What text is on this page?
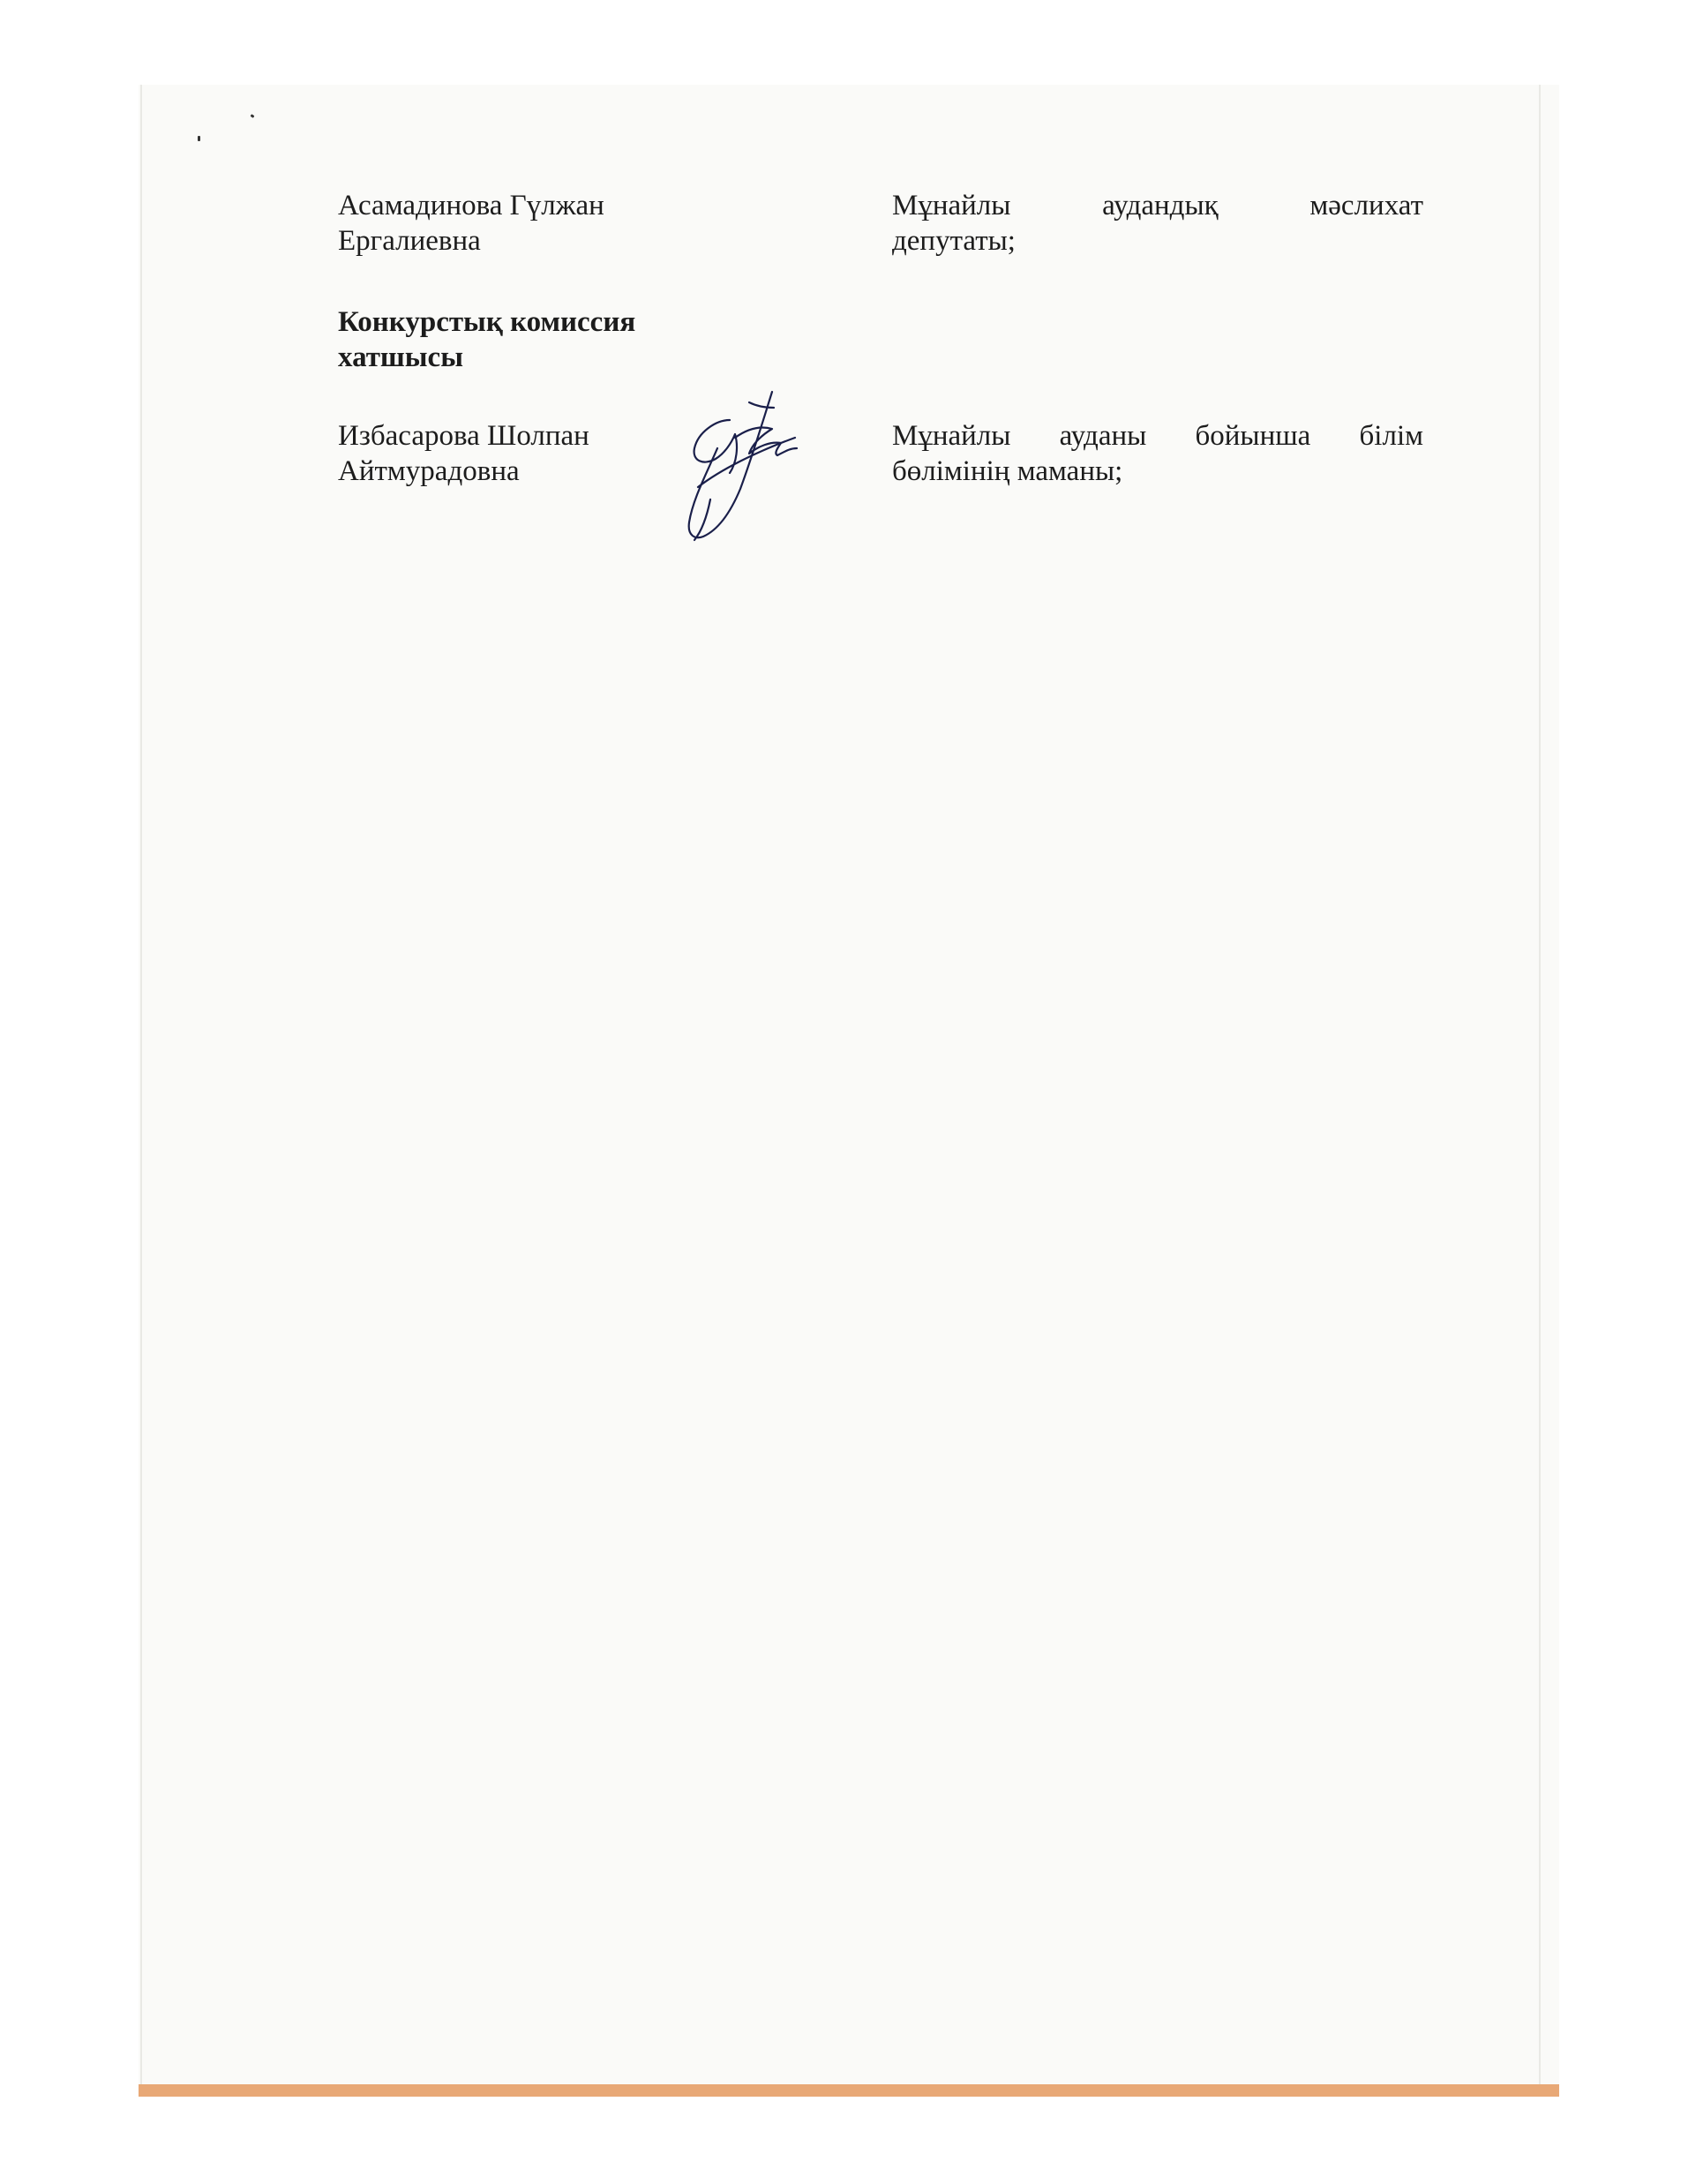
Асамадинова Гүлжан

Ергалиевна

Мұнайлы аудандық мәслихат

депутаты;

Конкурстық комиссия

хатшысы

Избасарова Шолпан

Айтмурадовна

Мұнайлы ауданы бойынша білім

бөлімінің маманы;
